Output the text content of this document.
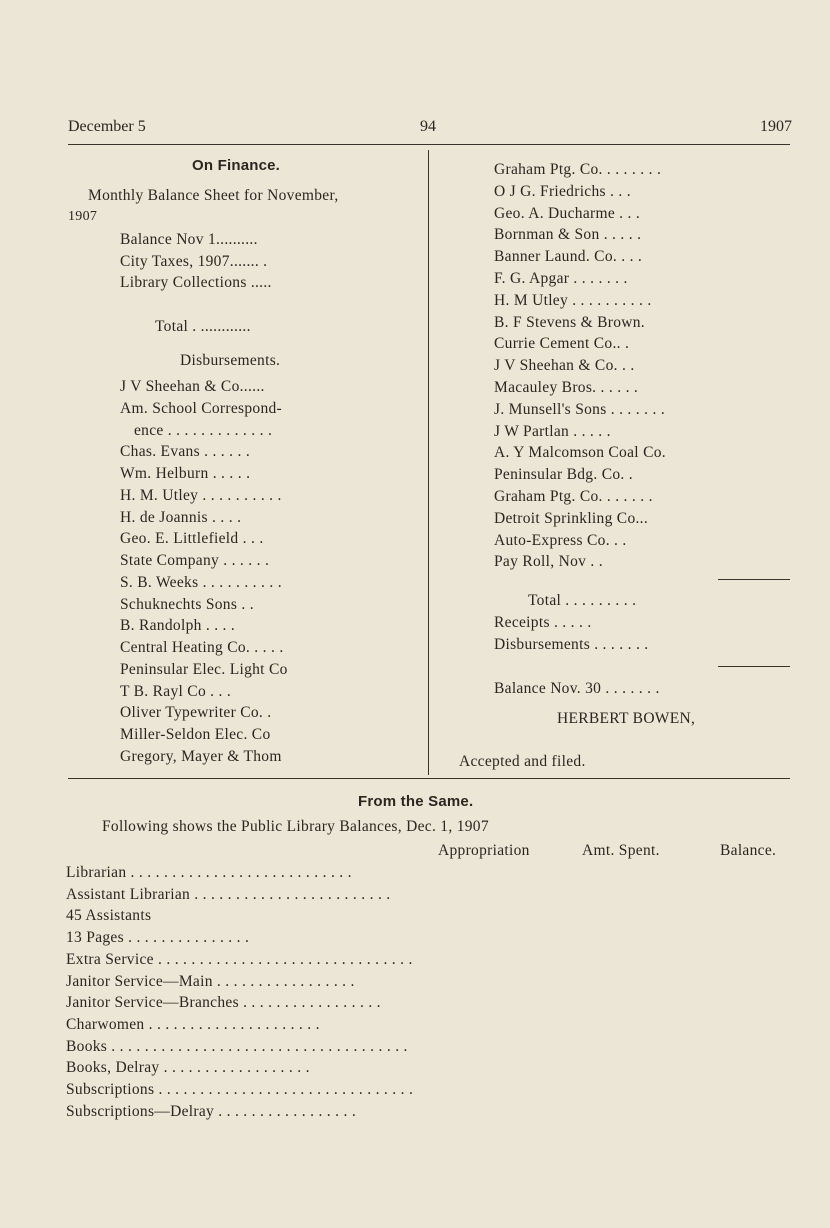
December 5	94	1907
On Finance.
Monthly Balance Sheet for November,
1907
Balance Nov 1..........
City Taxes, 1907....... .
Library Collections .....
Total . ............
Disbursements.
J V Sheehan & Co......
Am. School Correspond-
ence . . . . . . . . . . . . .
Chas. Evans . . . . . .
Wm. Helburn . . . . .
H. M. Utley . . . . . . . . . .
H. de Joannis . . . .
Geo. E. Littlefield . . .
State Company . . . . . .
S. B. Weeks . . . . . . . . . .
Schuknechts Sons . .
B. Randolph . . . .
Central Heating Co. . . . .
Peninsular Elec. Light Co
T B. Rayl Co . . .
Oliver Typewriter Co. .
Miller-Seldon Elec. Co
Gregory, Mayer & Thom
Graham Ptg. Co. . . . . . . .
O J G. Friedrichs . . .
Geo. A. Ducharme . . .
Bornman & Son . . . . .
Banner Laund. Co. . . .
F. G. Apgar . . . . . . .
H. M Utley . . . . . . . . . .
B. F Stevens & Brown.
Currie Cement Co.. .
J V Sheehan & Co. . .
Macauley Bros. . . . . .
J. Munsell's Sons . . . . . . .
J W Partlan . . . . .
A. Y Malcomson Coal Co.
Peninsular Bdg. Co. .
Graham Ptg. Co. . . . . . .
Detroit Sprinkling Co...
Auto-Express Co. . .
Pay Roll, Nov . .
Total . . . . . . . . .
Receipts . . . . .
Disbursements . . . . . . .
Balance Nov. 30 . . . . . . .
HERBERT BOWEN,
Accepted and filed.
From the Same.
Following shows the Public Library Balances, Dec. 1, 1907
Appropriation	Amt. Spent.	Balance.
Librarian . . . . . . . . . . . . . . . . . . . . . . . . . . .
Assistant Librarian . . . . . . . . . . . . . . . . . . . . . . . .
45 Assistants
13 Pages . . . . . . . . . . . . . . .
Extra Service . . . . . . . . . . . . . . . . . . . . . . . . . . . . . . .
Janitor Service—Main . . . . . . . . . . . . . . . . .
Janitor Service—Branches . . . . . . . . . . . . . . . . .
Charwomen . . . . . . . . . . . . . . . . . . . . .
Books . . . . . . . . . . . . . . . . . . . . . . . . . . . . . . . . . . . .
Books, Delray . . . . . . . . . . . . . . . . . .
Subscriptions . . . . . . . . . . . . . . . . . . . . . . . . . . . . . . .
Subscriptions—Delray . . . . . . . . . . . . . . . . .
